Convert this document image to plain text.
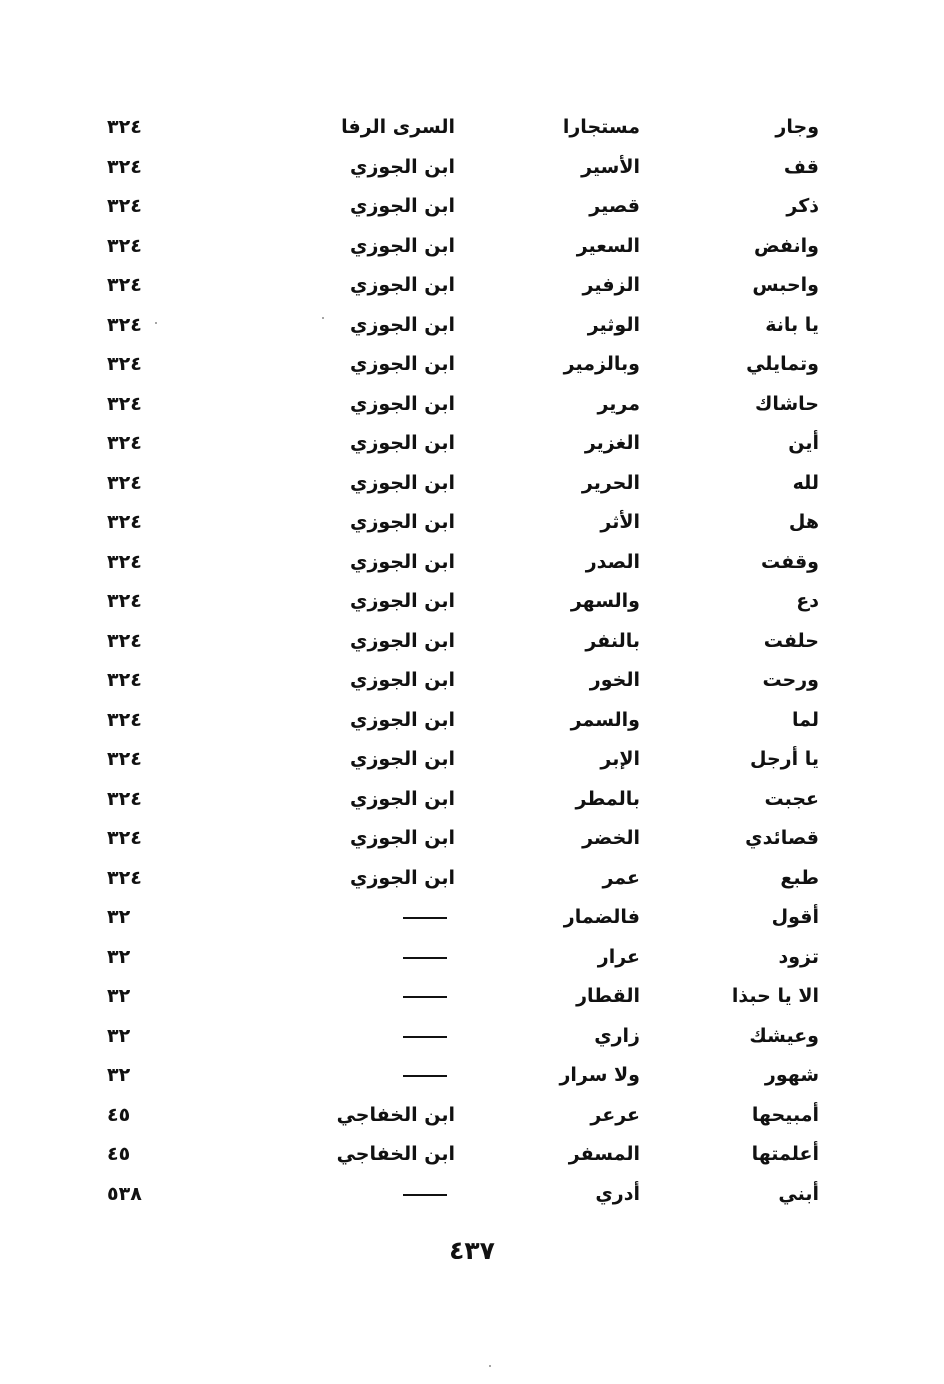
وجار
مستجارا
السرى الرفا
٣٢٤
قف
الأسير
ابن الجوزي
٣٢٤
ذكر
قصير
ابن الجوزي
٣٢٤
وانفض
السعير
ابن الجوزي
٣٢٤
واحبس
الزفير
ابن الجوزي
٣٢٤
يا بانة
الوثير
ابن الجوزي
٣٢٤
وتمايلي
وبالزمير
ابن الجوزي
٣٢٤
حاشاك
مرير
ابن الجوزي
٣٢٤
أين
الغزير
ابن الجوزي
٣٢٤
لله
الحرير
ابن الجوزي
٣٢٤
هل
الأثر
ابن الجوزي
٣٢٤
وقفت
الصدر
ابن الجوزي
٣٢٤
دع
والسهر
ابن الجوزي
٣٢٤
حلفت
بالنفر
ابن الجوزي
٣٢٤
ورحت
الخور
ابن الجوزي
٣٢٤
لما
والسمر
ابن الجوزي
٣٢٤
يا أرجل
الإبر
ابن الجوزي
٣٢٤
عجبت
بالمطر
ابن الجوزي
٣٢٤
قصائدي
الخضر
ابن الجوزي
٣٢٤
طبع
عمر
ابن الجوزي
٣٢٤
أقول
فالضمار
٣٢
تزود
عرار
٣٢
الا يا حبذا
القطار
٣٢
وعيشك
زاري
٣٢
شهور
ولا سرار
٣٢
أمبيحها
عرعر
ابن الخفاجي
٤٥
أعلمتها
المسفر
ابن الخفاجي
٤٥
أبني
أدري
٥٣٨
٤٣٧
